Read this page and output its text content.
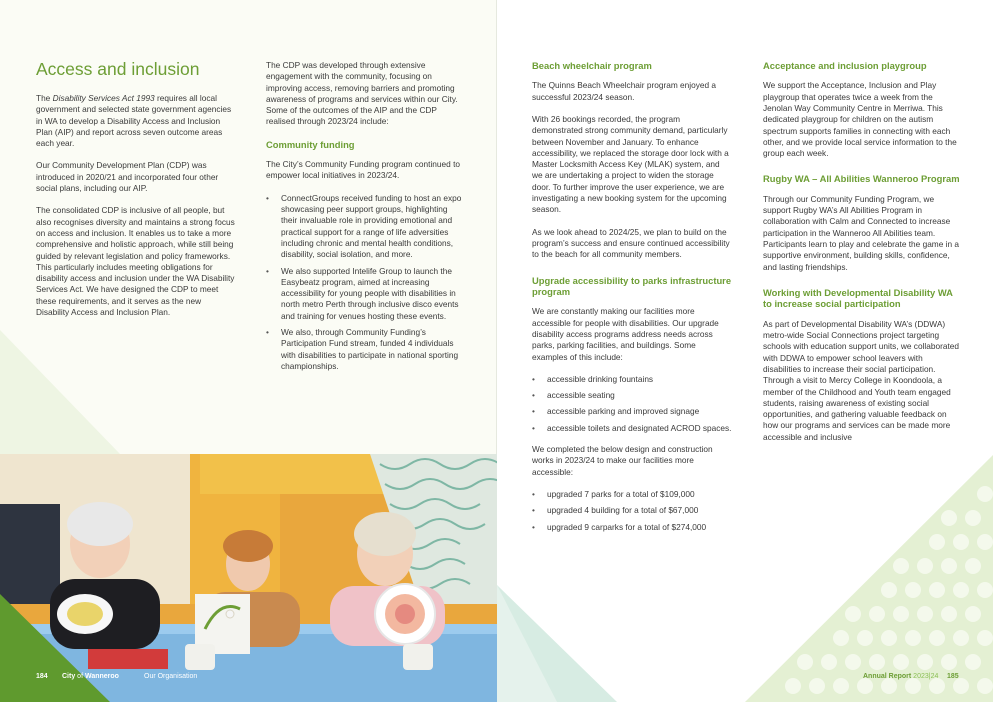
Access and inclusion

The Disability Services Act 1993 requires all local government and selected state government agencies in WA to develop a Disability Access and Inclusion Plan (AIP) and report across seven outcome areas each year.

Our Community Development Plan (CDP) was introduced in 2020/21 and incorporated four other social plans, including our AIP.

The consolidated CDP is inclusive of all people, but also recognises diversity and maintains a strong focus on access and inclusion. It enables us to take a more comprehensive and holistic approach, while still being guided by relevant legislation and policy frameworks. This particularly includes meeting obligations for disability access and inclusion under the WA Disability Services Act. We have designed the CDP to meet these requirements, and it serves as the new Disability Access and Inclusion Plan.

The CDP was developed through extensive engagement with the community, focusing on improving access, removing barriers and promoting awareness of programs and services within our City. Some of the outcomes of the AIP and the CDP realised through 2023/24 include:

Community funding

The City’s Community Funding program continued to empower local initiatives in 2023/24.

• ConnectGroups received funding to host an expo showcasing peer support groups, highlighting their invaluable role in providing emotional and practical support for a range of life adversities including chronic and mental health conditions, disability, social isolation, and more.
• We also supported Intelife Group to launch the Easybeatz program, aimed at increasing accessibility for young people with disabilities in north metro Perth through inclusive disco events and training for venues hosting these events.
• We also, through Community Funding’s Participation Fund stream, funded 4 individuals with disabilities to participate in national sporting championships.
Beach wheelchair program

The Quinns Beach Wheelchair program enjoyed a successful 2023/24 season.

With 26 bookings recorded, the program demonstrated strong community demand, particularly between November and January. To enhance accessibility, we replaced the storage door lock with a Master Locksmith Access Key (MLAK) system, and we are undertaking a project to widen the storage door. To further improve the user experience, we are investigating a new booking system for the upcoming season.

As we look ahead to 2024/25, we plan to build on the program’s success and ensure continued accessibility to the beach for all community members.

Upgrade accessibility to parks infrastructure program

We are constantly making our facilities more accessible for people with disabilities. Our upgrade disability access programs address needs across parks, parking facilities, and buildings. Some examples of this include:

• accessible drinking fountains
• accessible seating
• accessible parking and improved signage
• accessible toilets and designated ACROD spaces.

We completed the below design and construction works in 2023/24 to make our facilities more accessible:

• upgraded 7 parks for a total of $109,000
• upgraded 4 building for a total of $67,000
• upgraded 9 carparks for a total of $274,000
Acceptance and inclusion playgroup

We support the Acceptance, Inclusion and Play playgroup that operates twice a week from the Jenolan Way Community Centre in Merriwa. This dedicated playgroup for children on the autism spectrum supports families in connecting with each other, and we provide local service information to the group each week.

Rugby WA – All Abilities Wanneroo Program

Through our Community Funding Program, we support Rugby WA’s All Abilities Program in collaboration with Calm and Connected to increase participation in the Wanneroo All Abilities team. Participants learn to play and celebrate the game in a supportive environment, building skills, confidence, and lasting friendships.

Working with Developmental Disability WA to increase social participation

As part of Developmental Disability WA’s (DDWA) metro-wide Social Connections project targeting schools with education support units, we collaborated with DDWA to empower school leavers with disabilities to increase their social participation. Through a visit to Mercy College in Koondoola, a member of the Childhood and Youth team engaged students, raising awareness of existing social opportunities, and gathering valuable feedback on how our programs and services can be made more accessible and inclusive

184 City of Wanneroo	Our Organisation	Annual Report 2023|24 185
